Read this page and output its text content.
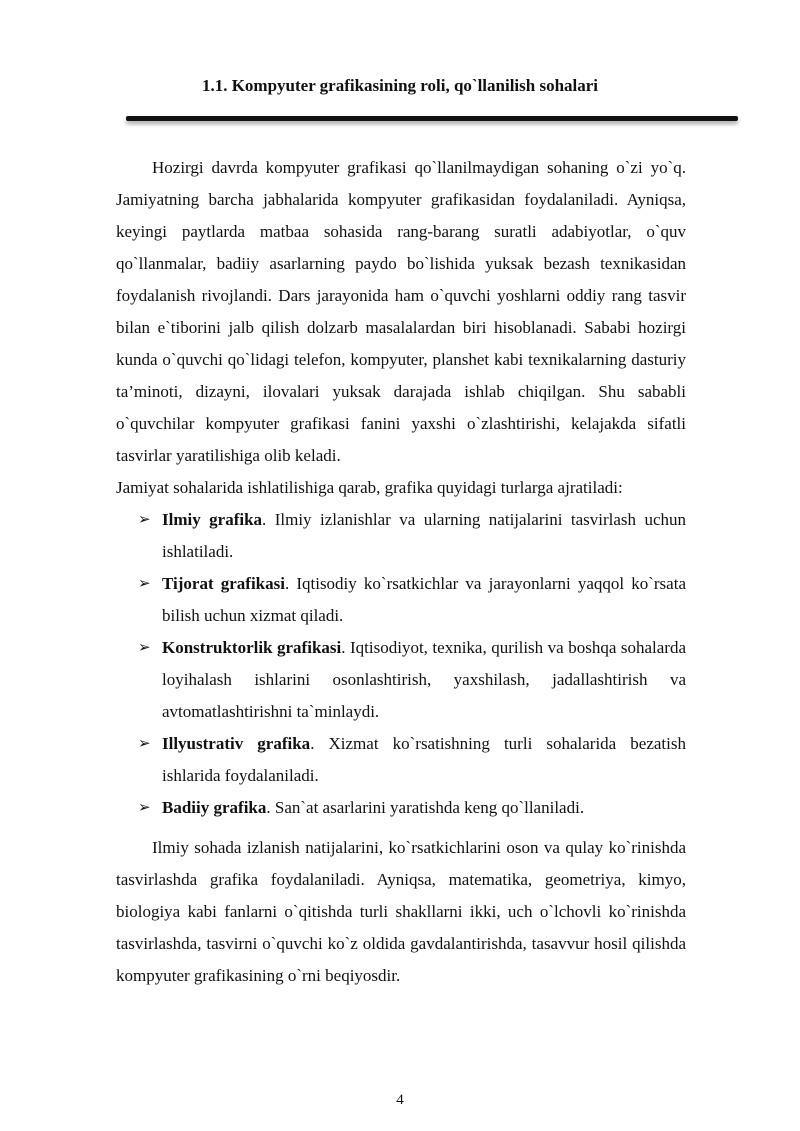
1.1. Kompyuter grafikasining roli, qo`llanilish sohalari

Hozirgi davrda kompyuter grafikasi qo`llanilmaydigan sohaning o`zi yo`q. Jamiyatning barcha jabhalarida kompyuter grafikasidan foydalaniladi. Ayniqsa, keyingi paytlarda matbaa sohasida rang-barang suratli adabiyotlar, o`quv qo`llanmalar, badiiy asarlarning paydo bo`lishida yuksak bezash texnikasidan foydalanish rivojlandi. Dars jarayonida ham o`quvchi yoshlarni oddiy rang tasvir bilan e`tiborini jalb qilish dolzarb masalalardan biri hisoblanadi. Sababi hozirgi kunda o`quvchi qo`lidagi telefon, kompyuter, planshet kabi texnikalarning dasturiy ta’minoti, dizayni, ilovalari yuksak darajada ishlab chiqilgan. Shu sababli o`quvchilar kompyuter grafikasi fanini yaxshi o`zlashtirishi, kelajakda sifatli tasvirlar yaratilishiga olib keladi.

Jamiyat sohalarida ishlatilishiga qarab, grafika quyidagi turlarga ajratiladi:

➢ Ilmiy grafika. Ilmiy izlanishlar va ularning natijalarini tasvirlash uchun ishlatiladi.
➢ Tijorat grafikasi. Iqtisodiy ko`rsatkichlar va jarayonlarni yaqqol ko`rsata bilish uchun xizmat qiladi.
➢ Konstruktorlik grafikasi. Iqtisodiyot, texnika, qurilish va boshqa sohalarda loyihalash ishlarini osonlashtirish, yaxshilash, jadallashtirish va avtomatlashtirishni ta`minlaydi.
➢ Illyustrativ grafika. Xizmat ko`rsatishning turli sohalarida bezatish ishlarida foydalaniladi.
➢ Badiiy grafika. San`at asarlarini yaratishda keng qo`llaniladi.

Ilmiy sohada izlanish natijalarini, ko`rsatkichlarini oson va qulay ko`rinishda tasvirlashda grafika foydalaniladi. Ayniqsa, matematika, geometriya, kimyo, biologiya kabi fanlarni o`qitishda turli shakllarni ikki, uch o`lchovli ko`rinishda tasvirlashda, tasvirni o`quvchi ko`z oldida gavdalantirishda, tasavvur hosil qilishda kompyuter grafikasining o`rni beqiyosdir.

4
